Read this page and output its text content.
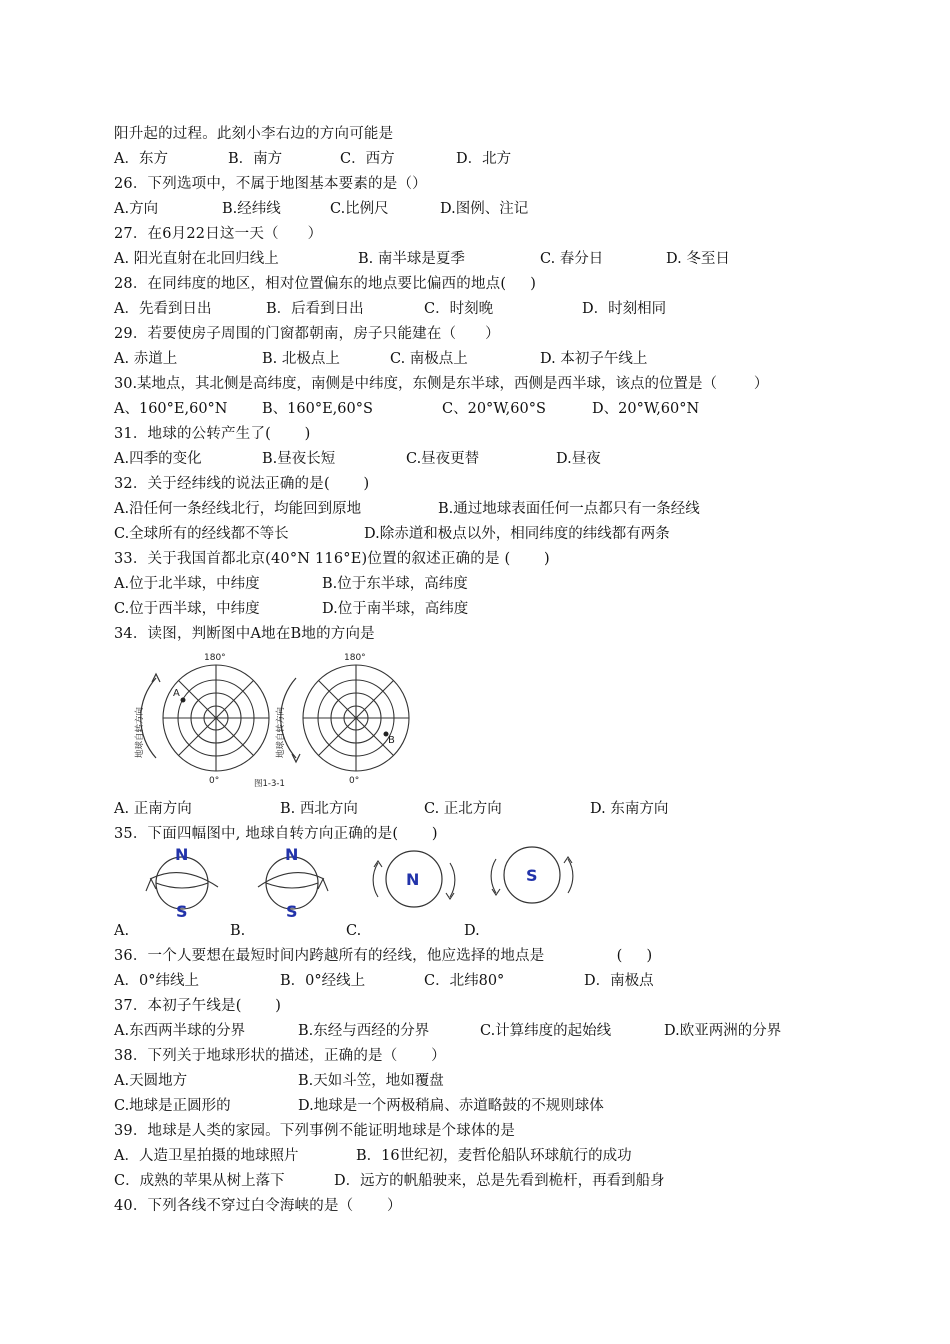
阳升起的过程。此刻小李右边的方向可能是

A．东方

	B．南方

	C．西方

	D．北方

26．下列选项中，不属于地图基本要素的是（）

A.方向

	B.经纬线

	C.比例尺

	D.图例、注记

27．在6月22日这一天（      ）

A. 阳光直射在北回归线上

	B. 南半球是夏季

	C. 春分日

	D. 冬至日

28．在同纬度的地区，相对位置偏东的地点要比偏西的地点(     )

A．先看到日出

	B．后看到日出

	C．时刻晚

	D．时刻相同

29．若要使房子周围的门窗都朝南，房子只能建在（      ）

A. 赤道上

	B. 北极点上

	C. 南极点上

	D. 本初子午线上

30.某地点，其北侧是高纬度，南侧是中纬度，东侧是东半球，西侧是西半球，该点的位置是（        ）

A、160°E,60°N

B、160°E,60°S

	C、20°W,60°S

	D、20°W,60°N

31．地球的公转产生了(       )

A.四季的变化

	B.昼夜长短

	C.昼夜更替

	D.昼夜

32．关于经纬线的说法正确的是(       )

A.沿任何一条经线北行，均能回到原地

	B.通过地球表面任何一点都只有一条经线

C.全球所有的经线都不等长

	D.除赤道和极点以外，相同纬度的纬线都有两条

33．关于我国首都北京(40°N 116°E)位置的叙述正确的是 (       )

A.位于北半球，中纬度

	B.位于东半球，高纬度

C.位于西半球，中纬度

	D.位于南半球，高纬度

34．读图，判断图中A地在B地的方向是
A
180°
0°
地球自转方向	B
180°
0°
地球自转方向
图1-3-1

A. 正南方向

	B. 西北方向

	C. 正北方向

	D. 东南方向

35．下面四幅图中, 地球自转方向正确的是(       )
N
S
N
S
N	S

A.

	B.

	C.

	D.

36．一个人要想在最短时间内跨越所有的经线，他应选择的地点是               (     )

A．0°纬线上

	B．0°经线上

	C．北纬80°

	D．南极点

37．本初子午线是(       )

A.东西两半球的分界

	B.东经与西经的分界

	C.计算纬度的起始线

	D.欧亚两洲的分界

38．下列关于地球形状的描述，正确的是（       ）

A.天圆地方

	B.天如斗笠，地如覆盘

C.地球是正圆形的

	D.地球是一个两极稍扁、赤道略鼓的不规则球体

39．地球是人类的家园。下列事例不能证明地球是个球体的是

A．人造卫星拍摄的地球照片

	B．16世纪初，麦哲伦船队环球航行的成功

C．成熟的苹果从树上落下

	D．远方的帆船驶来，总是先看到桅杆，再看到船身

40．下列各线不穿过白令海峡的是（       ）
